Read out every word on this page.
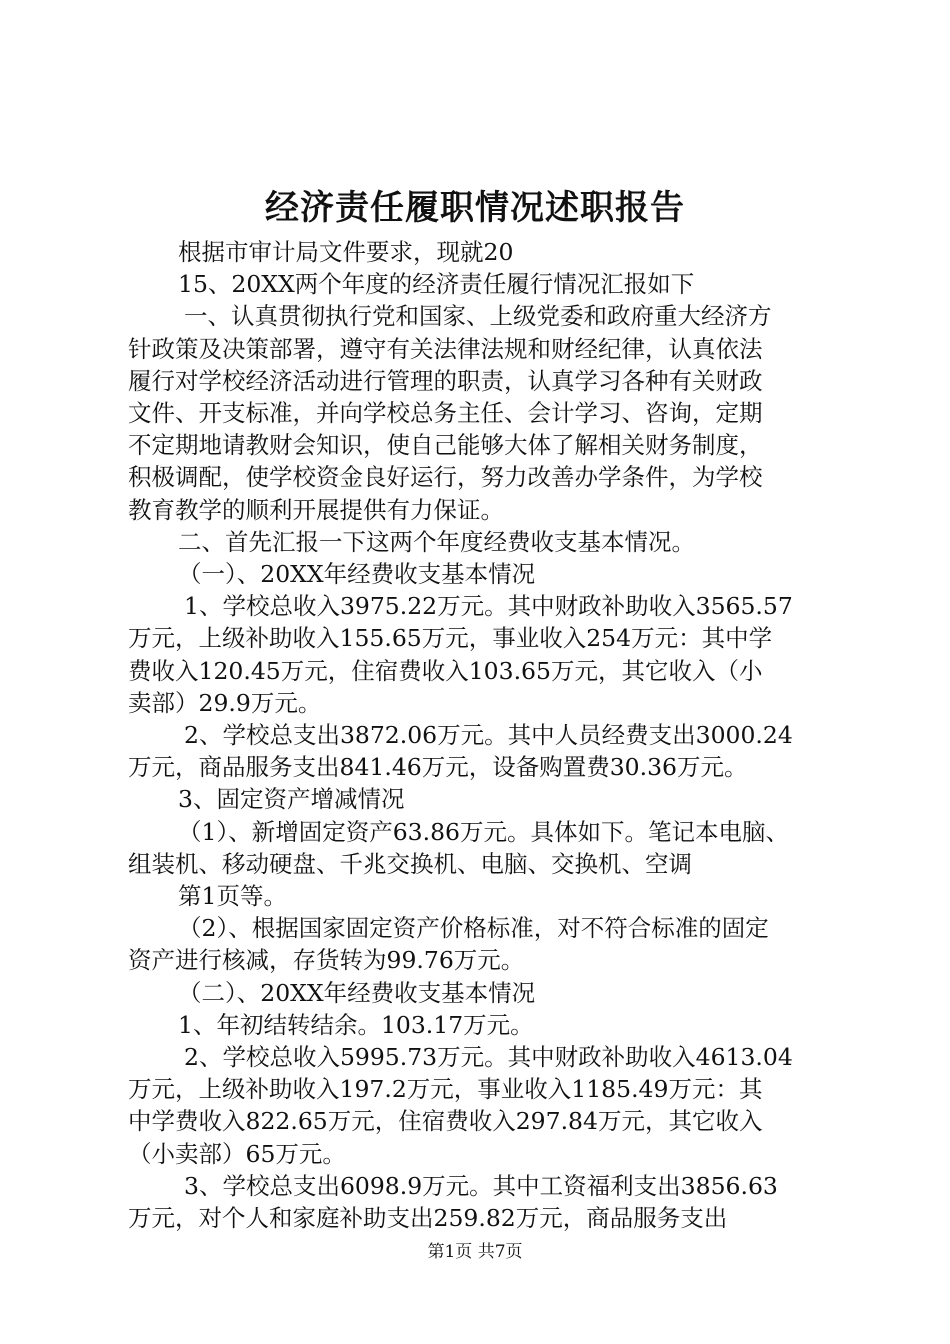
经济责任履职情况述职报告

根据市审计局文件要求，现就20

15、20XX两个年度的经济责任履行情况汇报如下

一、认真贯彻执行党和国家、上级党委和政府重大经济方

针政策及决策部署，遵守有关法律法规和财经纪律，认真依法

履行对学校经济活动进行管理的职责，认真学习各种有关财政

文件、开支标准，并向学校总务主任、会计学习、咨询，定期

不定期地请教财会知识，使自己能够大体了解相关财务制度，

积极调配，使学校资金良好运行，努力改善办学条件，为学校

教育教学的顺利开展提供有力保证。

二、首先汇报一下这两个年度经费收支基本情况。

（一）、20XX年经费收支基本情况

1、学校总收入3975.22万元。其中财政补助收入3565.57

万元，上级补助收入155.65万元，事业收入254万元：其中学

费收入120.45万元，住宿费收入103.65万元，其它收入（小

卖部）29.9万元。

2、学校总支出3872.06万元。其中人员经费支出3000.24

万元，商品服务支出841.46万元，设备购置费30.36万元。

3、固定资产增减情况

（1）、新增固定资产63.86万元。具体如下。笔记本电脑、

组装机、移动硬盘、千兆交换机、电脑、交换机、空调

第1页等。

（2）、根据国家固定资产价格标准，对不符合标准的固定

资产进行核减，存货转为99.76万元。

（二）、20XX年经费收支基本情况

1、年初结转结余。103.17万元。

2、学校总收入5995.73万元。其中财政补助收入4613.04

万元，上级补助收入197.2万元，事业收入1185.49万元：其

中学费收入822.65万元，住宿费收入297.84万元，其它收入

（小卖部）65万元。

3、学校总支出6098.9万元。其中工资福利支出3856.63

万元，对个人和家庭补助支出259.82万元，商品服务支出

第1页 共7页
